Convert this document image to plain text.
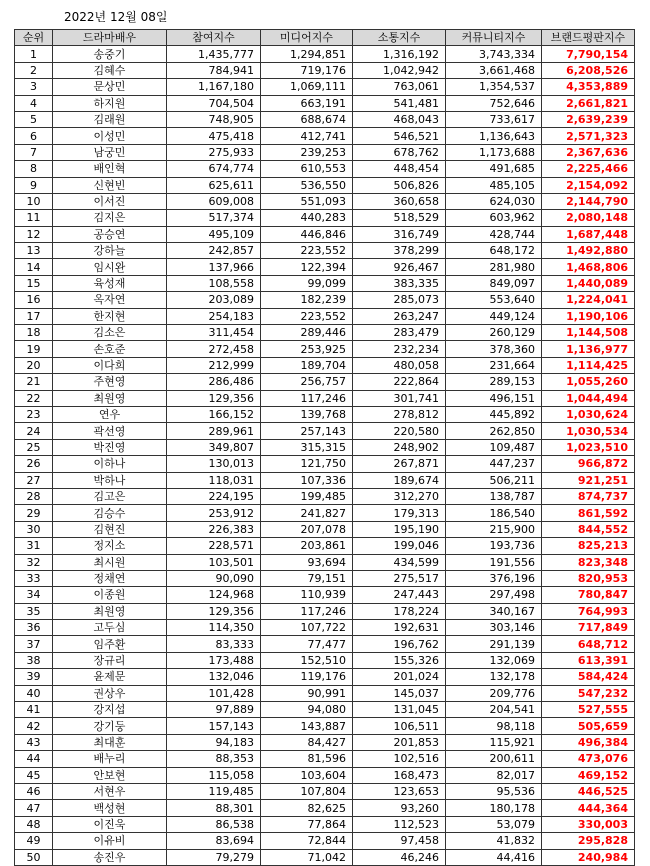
2022년 12월 08일
순위	드라마배우	참여지수	미디어지수	소통지수	커뮤니티지수	브랜드평판지수
1	송중기	1,435,777	1,294,851	1,316,192	3,743,334	7,790,154
2	김혜수	784,941	719,176	1,042,942	3,661,468	6,208,526
3	문상민	1,167,180	1,069,111	763,061	1,354,537	4,353,889
4	하지원	704,504	663,191	541,481	752,646	2,661,821
5	김래원	748,905	688,674	468,043	733,617	2,639,239
6	이성민	475,418	412,741	546,521	1,136,643	2,571,323
7	남궁민	275,933	239,253	678,762	1,173,688	2,367,636
8	배인혁	674,774	610,553	448,454	491,685	2,225,466
9	신현빈	625,611	536,550	506,826	485,105	2,154,092
10	이서진	609,008	551,093	360,658	624,030	2,144,790
11	김지은	517,374	440,283	518,529	603,962	2,080,148
12	공승연	495,109	446,846	316,749	428,744	1,687,448
13	강하늘	242,857	223,552	378,299	648,172	1,492,880
14	임시완	137,966	122,394	926,467	281,980	1,468,806
15	육성재	108,558	99,099	383,335	849,097	1,440,089
16	옥자연	203,089	182,239	285,073	553,640	1,224,041
17	한지현	254,183	223,552	263,247	449,124	1,190,106
18	김소은	311,454	289,446	283,479	260,129	1,144,508
19	손호준	272,458	253,925	232,234	378,360	1,136,977
20	이다희	212,999	189,704	480,058	231,664	1,114,425
21	주현영	286,486	256,757	222,864	289,153	1,055,260
22	최원영	129,356	117,246	301,741	496,151	1,044,494
23	연우	166,152	139,768	278,812	445,892	1,030,624
24	곽선영	289,961	257,143	220,580	262,850	1,030,534
25	박진영	349,807	315,315	248,902	109,487	1,023,510
26	이하나	130,013	121,750	267,871	447,237	966,872
27	박하나	118,031	107,336	189,674	506,211	921,251
28	김고은	224,195	199,485	312,270	138,787	874,737
29	김승수	253,912	241,827	179,313	186,540	861,592
30	김현진	226,383	207,078	195,190	215,900	844,552
31	정지소	228,571	203,861	199,046	193,736	825,213
32	최시원	103,501	93,694	434,599	191,556	823,348
33	정채연	90,090	79,151	275,517	376,196	820,953
34	이종원	124,968	110,939	247,443	297,498	780,847
35	최원영	129,356	117,246	178,224	340,167	764,993
36	고두심	114,350	107,722	192,631	303,146	717,849
37	임주환	83,333	77,477	196,762	291,139	648,712
38	장규리	173,488	152,510	155,326	132,069	613,391
39	윤제문	132,046	119,176	201,024	132,178	584,424
40	권상우	101,428	90,991	145,037	209,776	547,232
41	강지섭	97,889	94,080	131,045	204,541	527,555
42	강기둥	157,143	143,887	106,511	98,118	505,659
43	최대훈	94,183	84,427	201,853	115,921	496,384
44	배누리	88,353	81,596	102,516	200,611	473,076
45	안보현	115,058	103,604	168,473	82,017	469,152
46	서현우	119,485	107,804	123,653	95,536	446,525
47	백성현	88,301	82,625	93,260	180,178	444,364
48	이진욱	86,538	77,864	112,523	53,079	330,003
49	이유비	83,694	72,844	97,458	41,832	295,828
50	송진우	79,279	71,042	46,246	44,416	240,984
